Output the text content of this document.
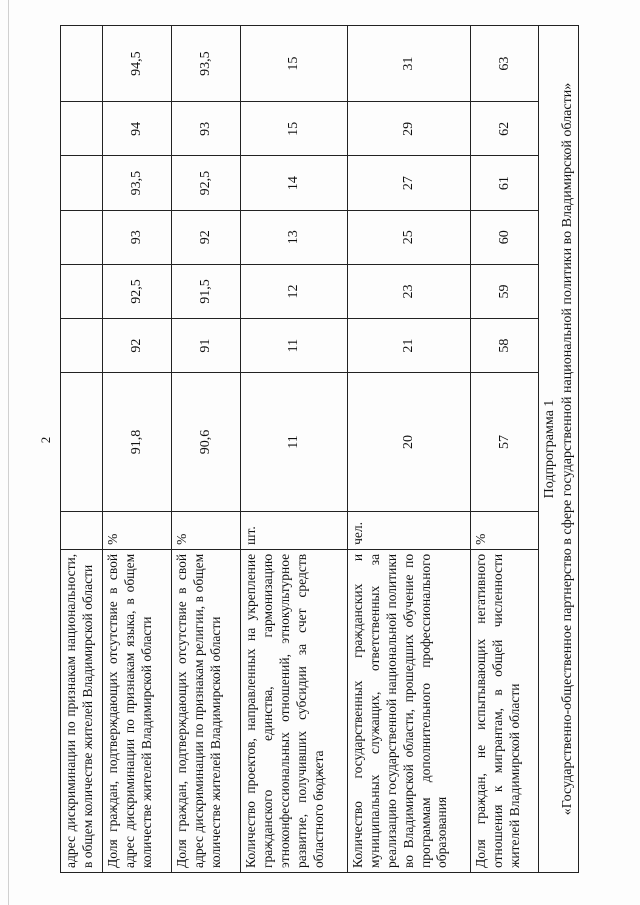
2
адрес дискриминации по признакам национальности, в общем количестве жителей Владимирской области								
Доля граждан, подтверждающих отсутствие в свой адрес дискриминации по признакам языка, в общем количестве жителей Владимирской области	%	91,8	92	92,5	93	93,5	94	94,5
Доля граждан, подтверждающих отсутствие в свой адрес дискриминации по признакам религии, в общем количестве жителей Владимирской области	%	90,6	91	91,5	92	92,5	93	93,5
Количество проектов, направленных на укрепление гражданского единства, гармонизацию этноконфессиональных отношений, этнокультурное развитие, получивших субсидии за счет средств областного бюджета	шт.	11	11	12	13	14	15	15
Количество государственных гражданских и муниципальных служащих, ответственных за реализацию государственной национальной политики во Владимирской области, прошедших обучение по программам дополнительного профессионального образования	чел.	20	21	23	25	27	29	31
Доля граждан, не испытывающих негативного отношения к мигрантам, в общей численности жителей Владимирской области	%	57	58	59	60	61	62	63

Подпрограмма 1 «Государственно-общественное партнерство в сфере государственной национальной политики во Владимирской области»								
